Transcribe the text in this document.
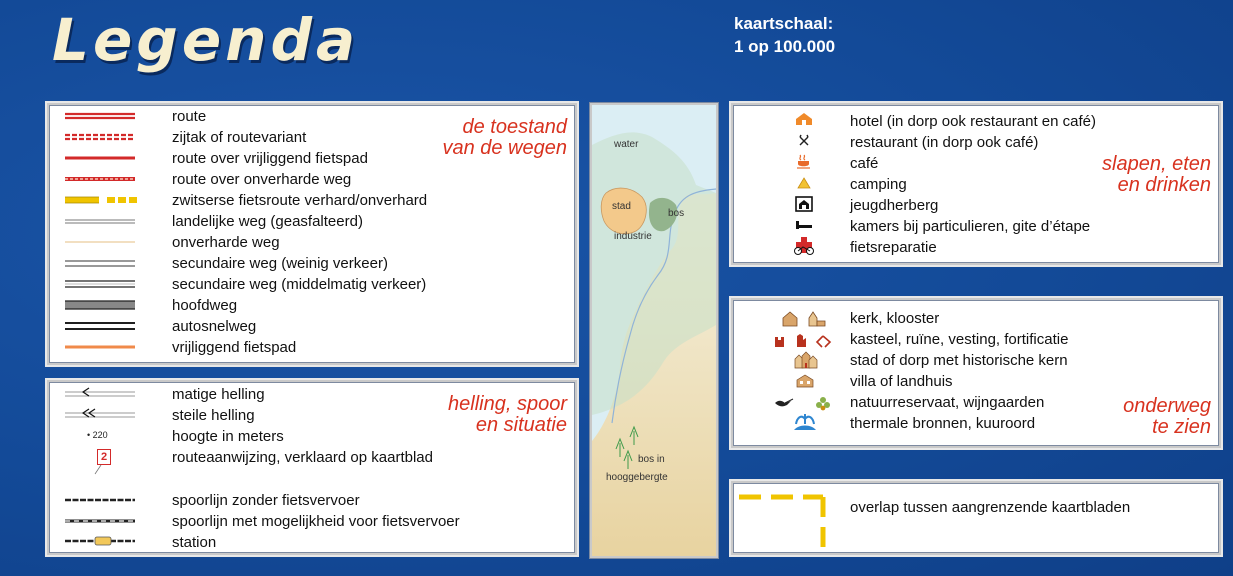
Legenda	kaartschaal:
1 op 100.000
de toestand
van de wegen
route
zijtak of routevariant
route over vrijliggend fietspad
route over onverharde weg
zwitserse fietsroute verhard/onverhard
landelijke weg (geasfalteerd)
onverharde weg
secundaire weg (weinig verkeer)
secundaire weg (middelmatig verkeer)
hoofdweg
autosnelweg
vrijliggend fietspad
helling, spoor
en situatie
matige helling
steile helling
• 220	hoogte in meters
2	routeaanwijzing, verklaard op kaartblad
spoorlijn zonder fietsvervoer
spoorlijn met mogelijkheid voor fietsvervoer
station
water
stad
bos
industrie
bos in
hooggebergte
slapen, eten
en drinken
hotel (in dorp ook restaurant en café)
restaurant (in dorp ook café)
café
camping
jeugdherberg
kamers bij particulieren, gite d’étape
fietsreparatie
onderweg
te zien
kerk, klooster
kasteel, ruïne, vesting, fortificatie
stad of dorp met historische kern
villa of landhuis
natuurreservaat, wijngaarden
thermale bronnen, kuuroord
overlap tussen aangrenzende kaartbladen
